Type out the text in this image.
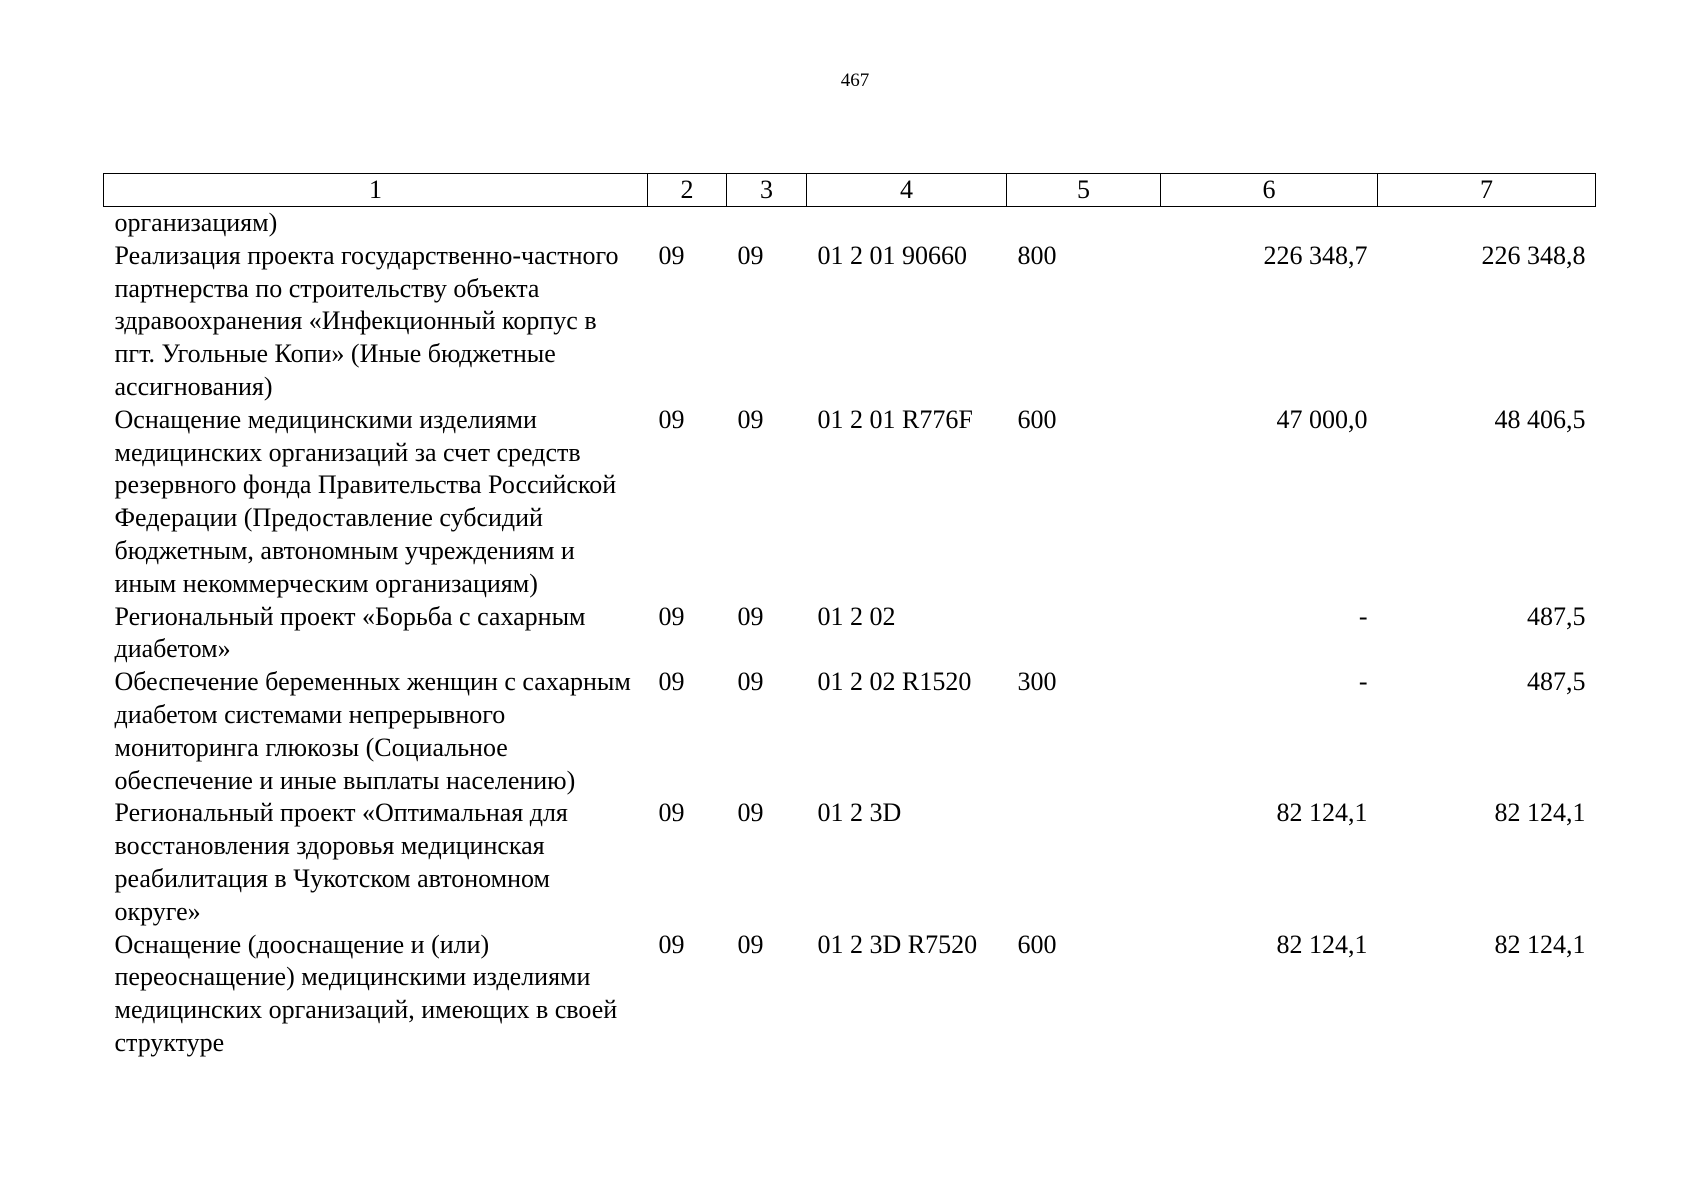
467
1	2	3	4	5	6	7
организациям)						
Реализация проекта государственно-частного партнерства по строительству объекта здравоохранения «Инфекционный корпус в пгт. Угольные Копи» (Иные бюджетные ассигнования)	09	09	01 2 01 90660	800	226 348,7	226 348,8
Оснащение медицинскими изделиями медицинских организаций за счет средств резервного фонда Правительства Российской Федерации (Предоставление субсидий бюджетным, автономным учреждениям и иным некоммерческим организациям)	09	09	01 2 01 R776F	600	47 000,0	48 406,5
Региональный проект «Борьба с сахарным диабетом»	09	09	01 2 02		-	487,5
Обеспечение беременных женщин с сахарным диабетом системами непрерывного мониторинга глюкозы (Социальное обеспечение и иные выплаты населению)	09	09	01 2 02 R1520	300	-	487,5
Региональный проект «Оптимальная для восстановления здоровья медицинская реабилитация в Чукотском автономном округе»	09	09	01 2 3D		82 124,1	82 124,1
Оснащение (дооснащение и (или) переоснащение) медицинскими изделиями медицинских организаций, имеющих в своей структуре	09	09	01 2 3D R7520	600	82 124,1	82 124,1
